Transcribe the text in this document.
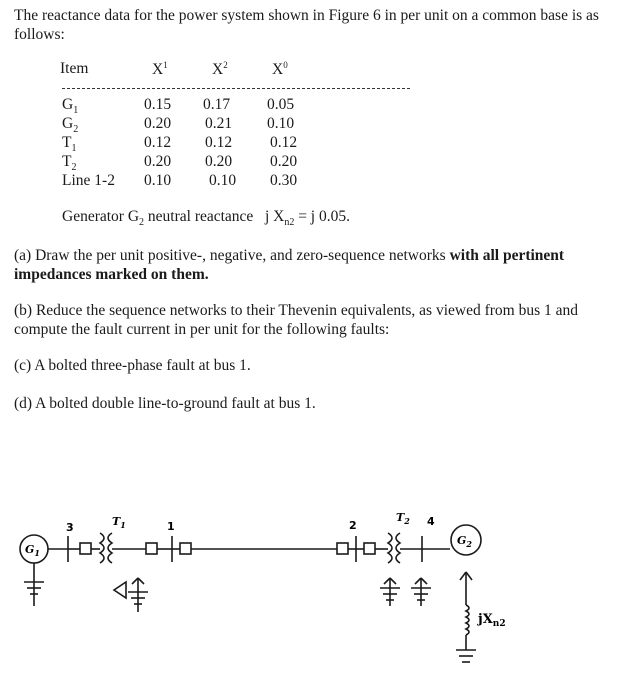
The reactance data for the power system shown in Figure 6 in per unit on a common base is as follows:

Item	$X^1$	$X^2$	$X^0$
$G_1$	0.15 0.17 0.05
$G_2$	0.20 0.21 0.10
$T_1$	0.12 0.12 0.12
$T_2$	0.20 0.20 0.20
Line 1-2 0.10 0.10 0.30

Generator $G_2$ neutral reactance j $X_{n2} = j$ 0.05.

(a) Draw the per unit positive-, negative, and zero-sequence networks with all pertinent impedances marked on them.

(b) Reduce the sequence networks to their Thevenin equivalents, as viewed from bus 1 and compute the fault current in per unit for the following faults:

(c) A bolted three-phase fault at bus 1.

(d) A bolted double line-to-ground fault at bus 1.

$G_1$
$G_2$
$T_1$
$T_2$
3	1	2	4
$jX_{n2}$
